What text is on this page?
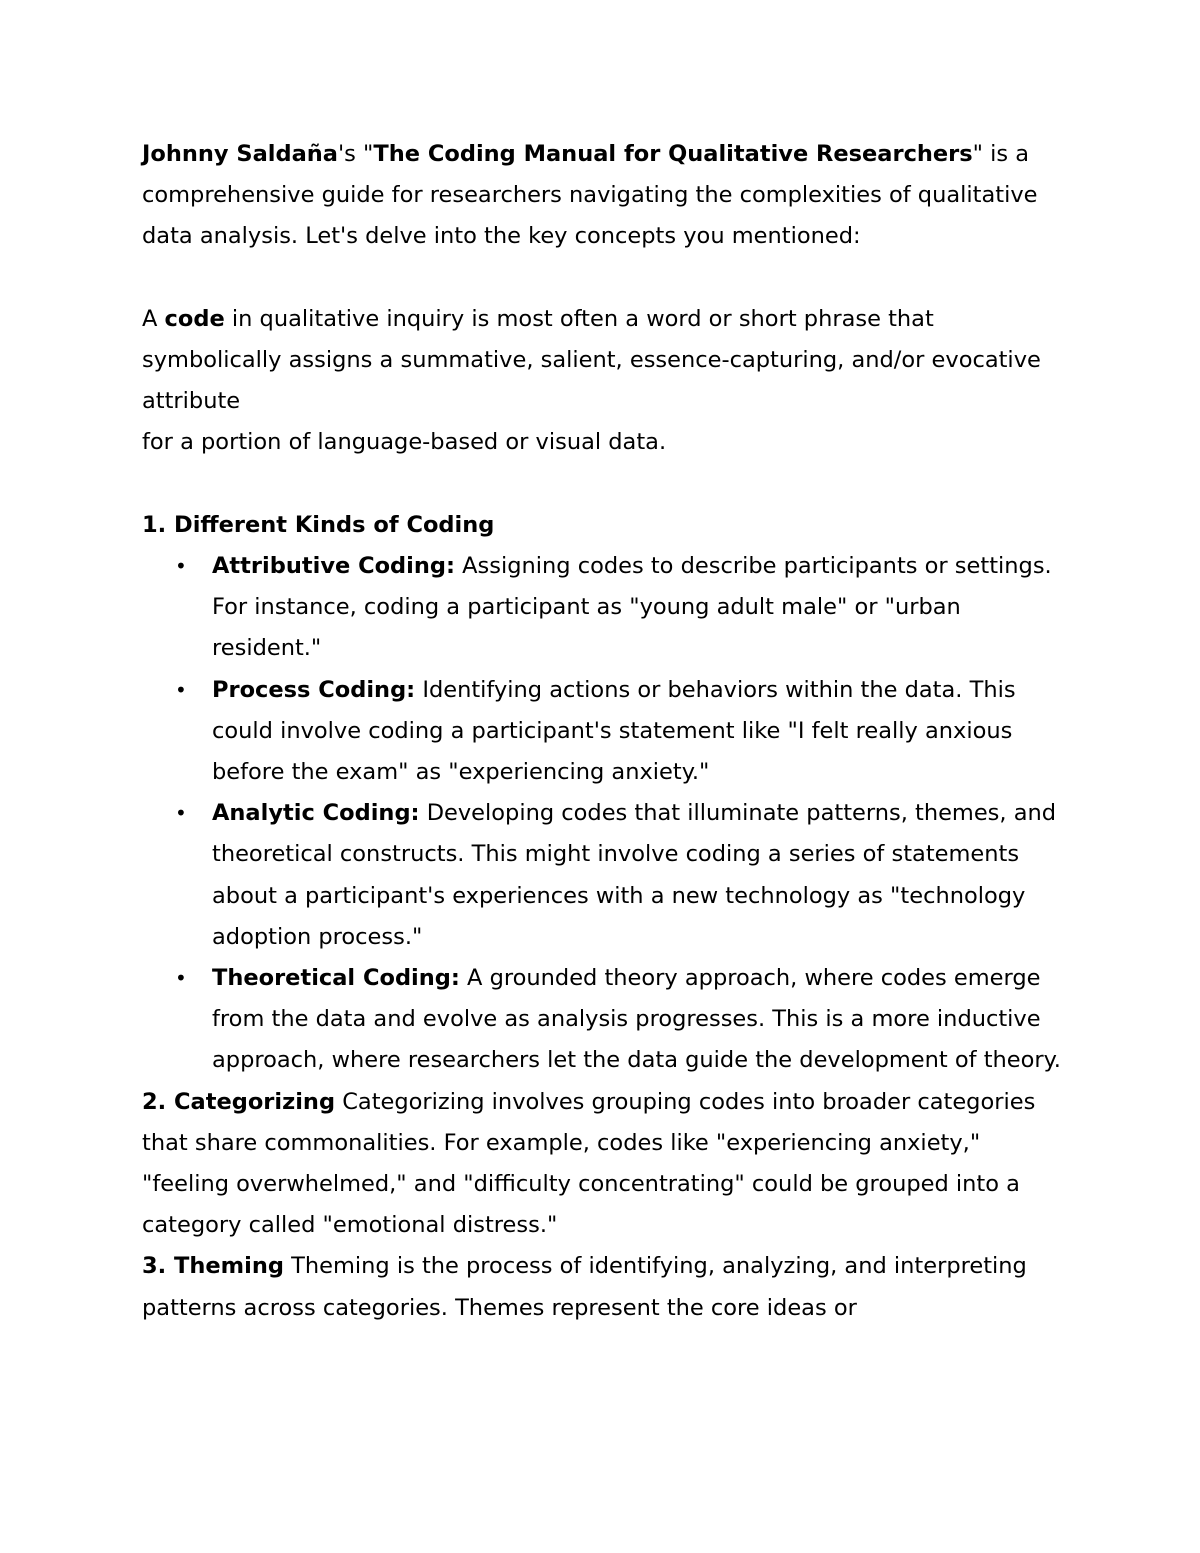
Johnny Saldaña's "The Coding Manual for Qualitative Researchers" is a comprehensive guide for researchers navigating the complexities of qualitative data analysis. Let's delve into the key concepts you mentioned:

A code in qualitative inquiry is most often a word or short phrase that symbolically assigns a summative, salient, essence-capturing, and/or evocative attribute

for a portion of language-based or visual data.

1. Different Kinds of Coding

• Attributive Coding: Assigning codes to describe participants or settings. For instance, coding a participant as "young adult male" or "urban resident."
• Process Coding: Identifying actions or behaviors within the data. This could involve coding a participant's statement like "I felt really anxious before the exam" as "experiencing anxiety."
• Analytic Coding: Developing codes that illuminate patterns, themes, and theoretical constructs. This might involve coding a series of statements about a participant's experiences with a new technology as "technology adoption process."
• Theoretical Coding: A grounded theory approach, where codes emerge from the data and evolve as analysis progresses. This is a more inductive approach, where researchers let the data guide the development of theory.

2. Categorizing Categorizing involves grouping codes into broader categories that share commonalities. For example, codes like "experiencing anxiety," "feeling overwhelmed," and "difficulty concentrating" could be grouped into a category called "emotional distress."

3. Theming Theming is the process of identifying, analyzing, and interpreting patterns across categories. Themes represent the core ideas or
